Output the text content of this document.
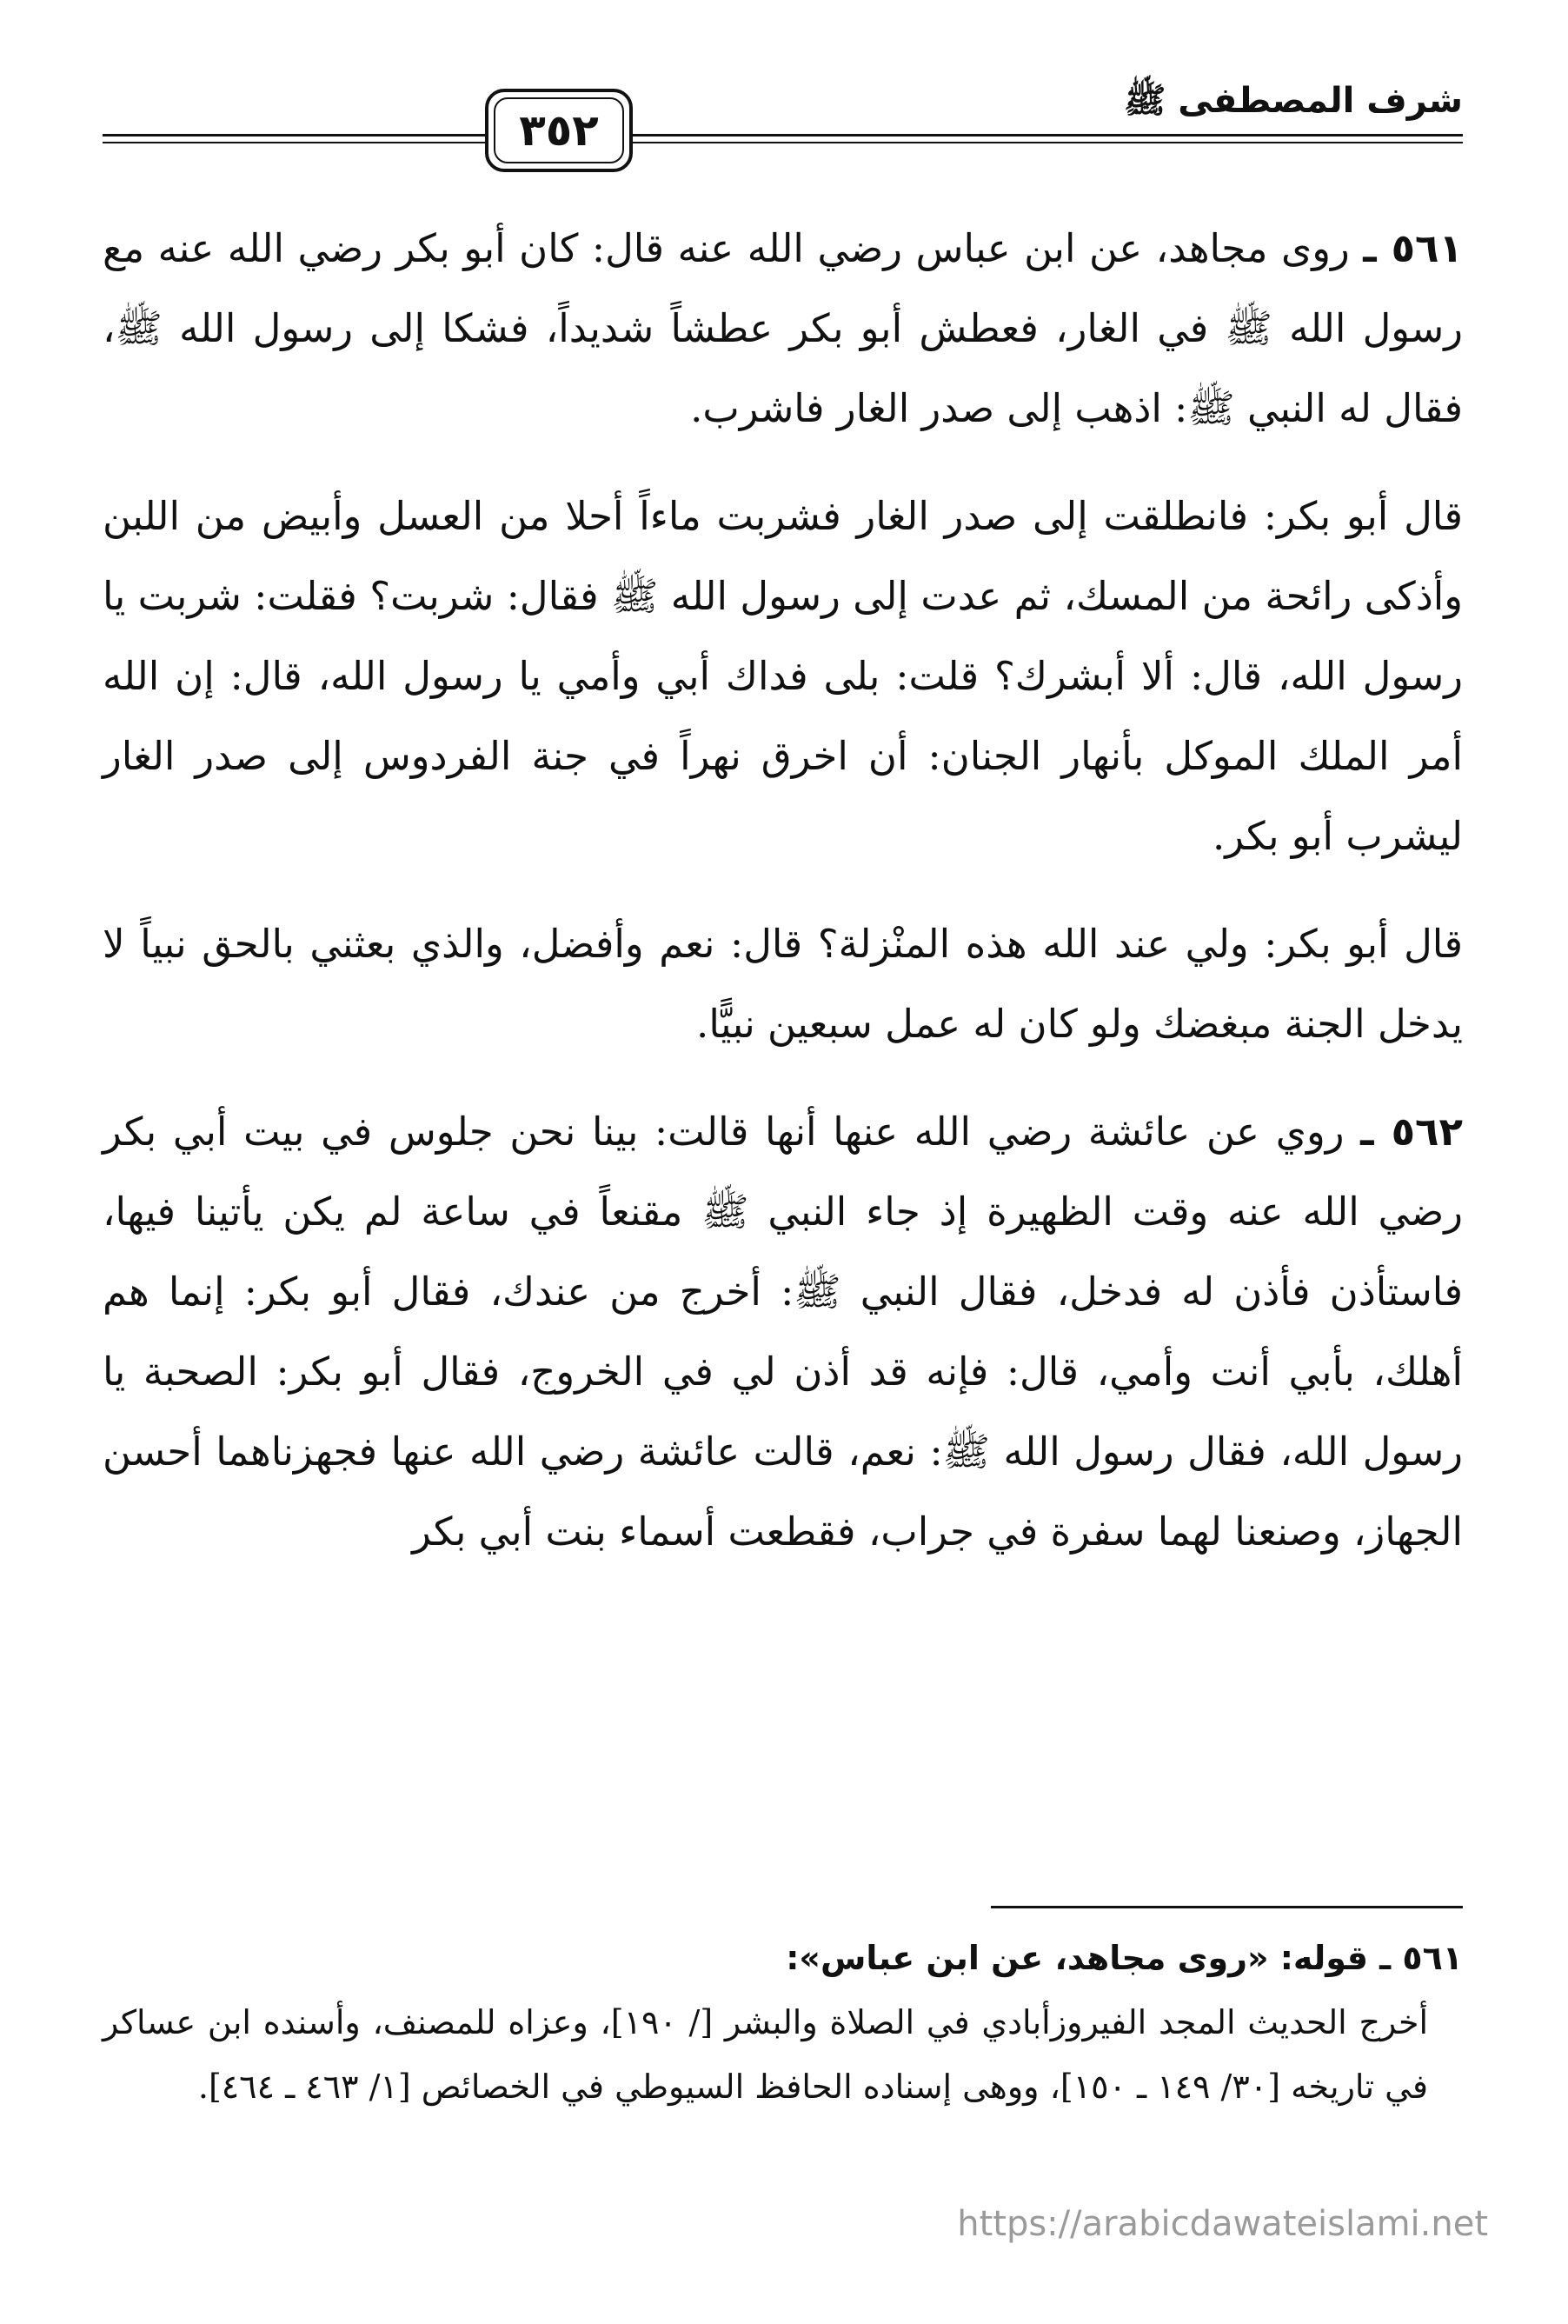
٣٥٢
شرف المصطفى ﷺ

٥٦١ ـ روى مجاهد، عن ابن عباس رضي الله عنه قال: كان أبو بكر رضي الله عنه مع رسول الله ﷺ في الغار، فعطش أبو بكر عطشاً شديداً، فشكا إلى رسول الله ﷺ، فقال له النبي ﷺ: اذهب إلى صدر الغار فاشرب.

قال أبو بكر: فانطلقت إلى صدر الغار فشربت ماءاً أحلا من العسل وأبيض من اللبن وأذكى رائحة من المسك، ثم عدت إلى رسول الله ﷺ فقال: شربت؟ فقلت: شربت يا رسول الله، قال: ألا أبشرك؟ قلت: بلى فداك أبي وأمي يا رسول الله، قال: إن الله أمر الملك الموكل بأنهار الجنان: أن اخرق نهراً في جنة الفردوس إلى صدر الغار ليشرب أبو بكر.

قال أبو بكر: ولي عند الله هذه المنْزلة؟ قال: نعم وأفضل، والذي بعثني بالحق نبياً لا يدخل الجنة مبغضك ولو كان له عمل سبعين نبيًّا.

٥٦٢ ـ روي عن عائشة رضي الله عنها أنها قالت: بينا نحن جلوس في بيت أبي بكر رضي الله عنه وقت الظهيرة إذ جاء النبي ﷺ مقنعاً في ساعة لم يكن يأتينا فيها، فاستأذن فأذن له فدخل، فقال النبي ﷺ: أخرج من عندك، فقال أبو بكر: إنما هم أهلك، بأبي أنت وأمي، قال: فإنه قد أذن لي في الخروج، فقال أبو بكر: الصحبة يا رسول الله، فقال رسول الله ﷺ: نعم، قالت عائشة رضي الله عنها فجهزناهما أحسن الجهاز، وصنعنا لهما سفرة في جراب، فقطعت أسماء بنت أبي بكر

٥٦١ ـ قوله: «روى مجاهد، عن ابن عباس»:

أخرج الحديث المجد الفيروزأبادي في الصلاة والبشر [/ ١٩٠]، وعزاه للمصنف، وأسنده ابن عساكر في تاريخه [٣٠/ ١٤٩ ـ ١٥٠]، ووهى إسناده الحافظ السيوطي في الخصائص [١/ ٤٦٣ ـ ٤٦٤].

https://arabicdawateislami.net
